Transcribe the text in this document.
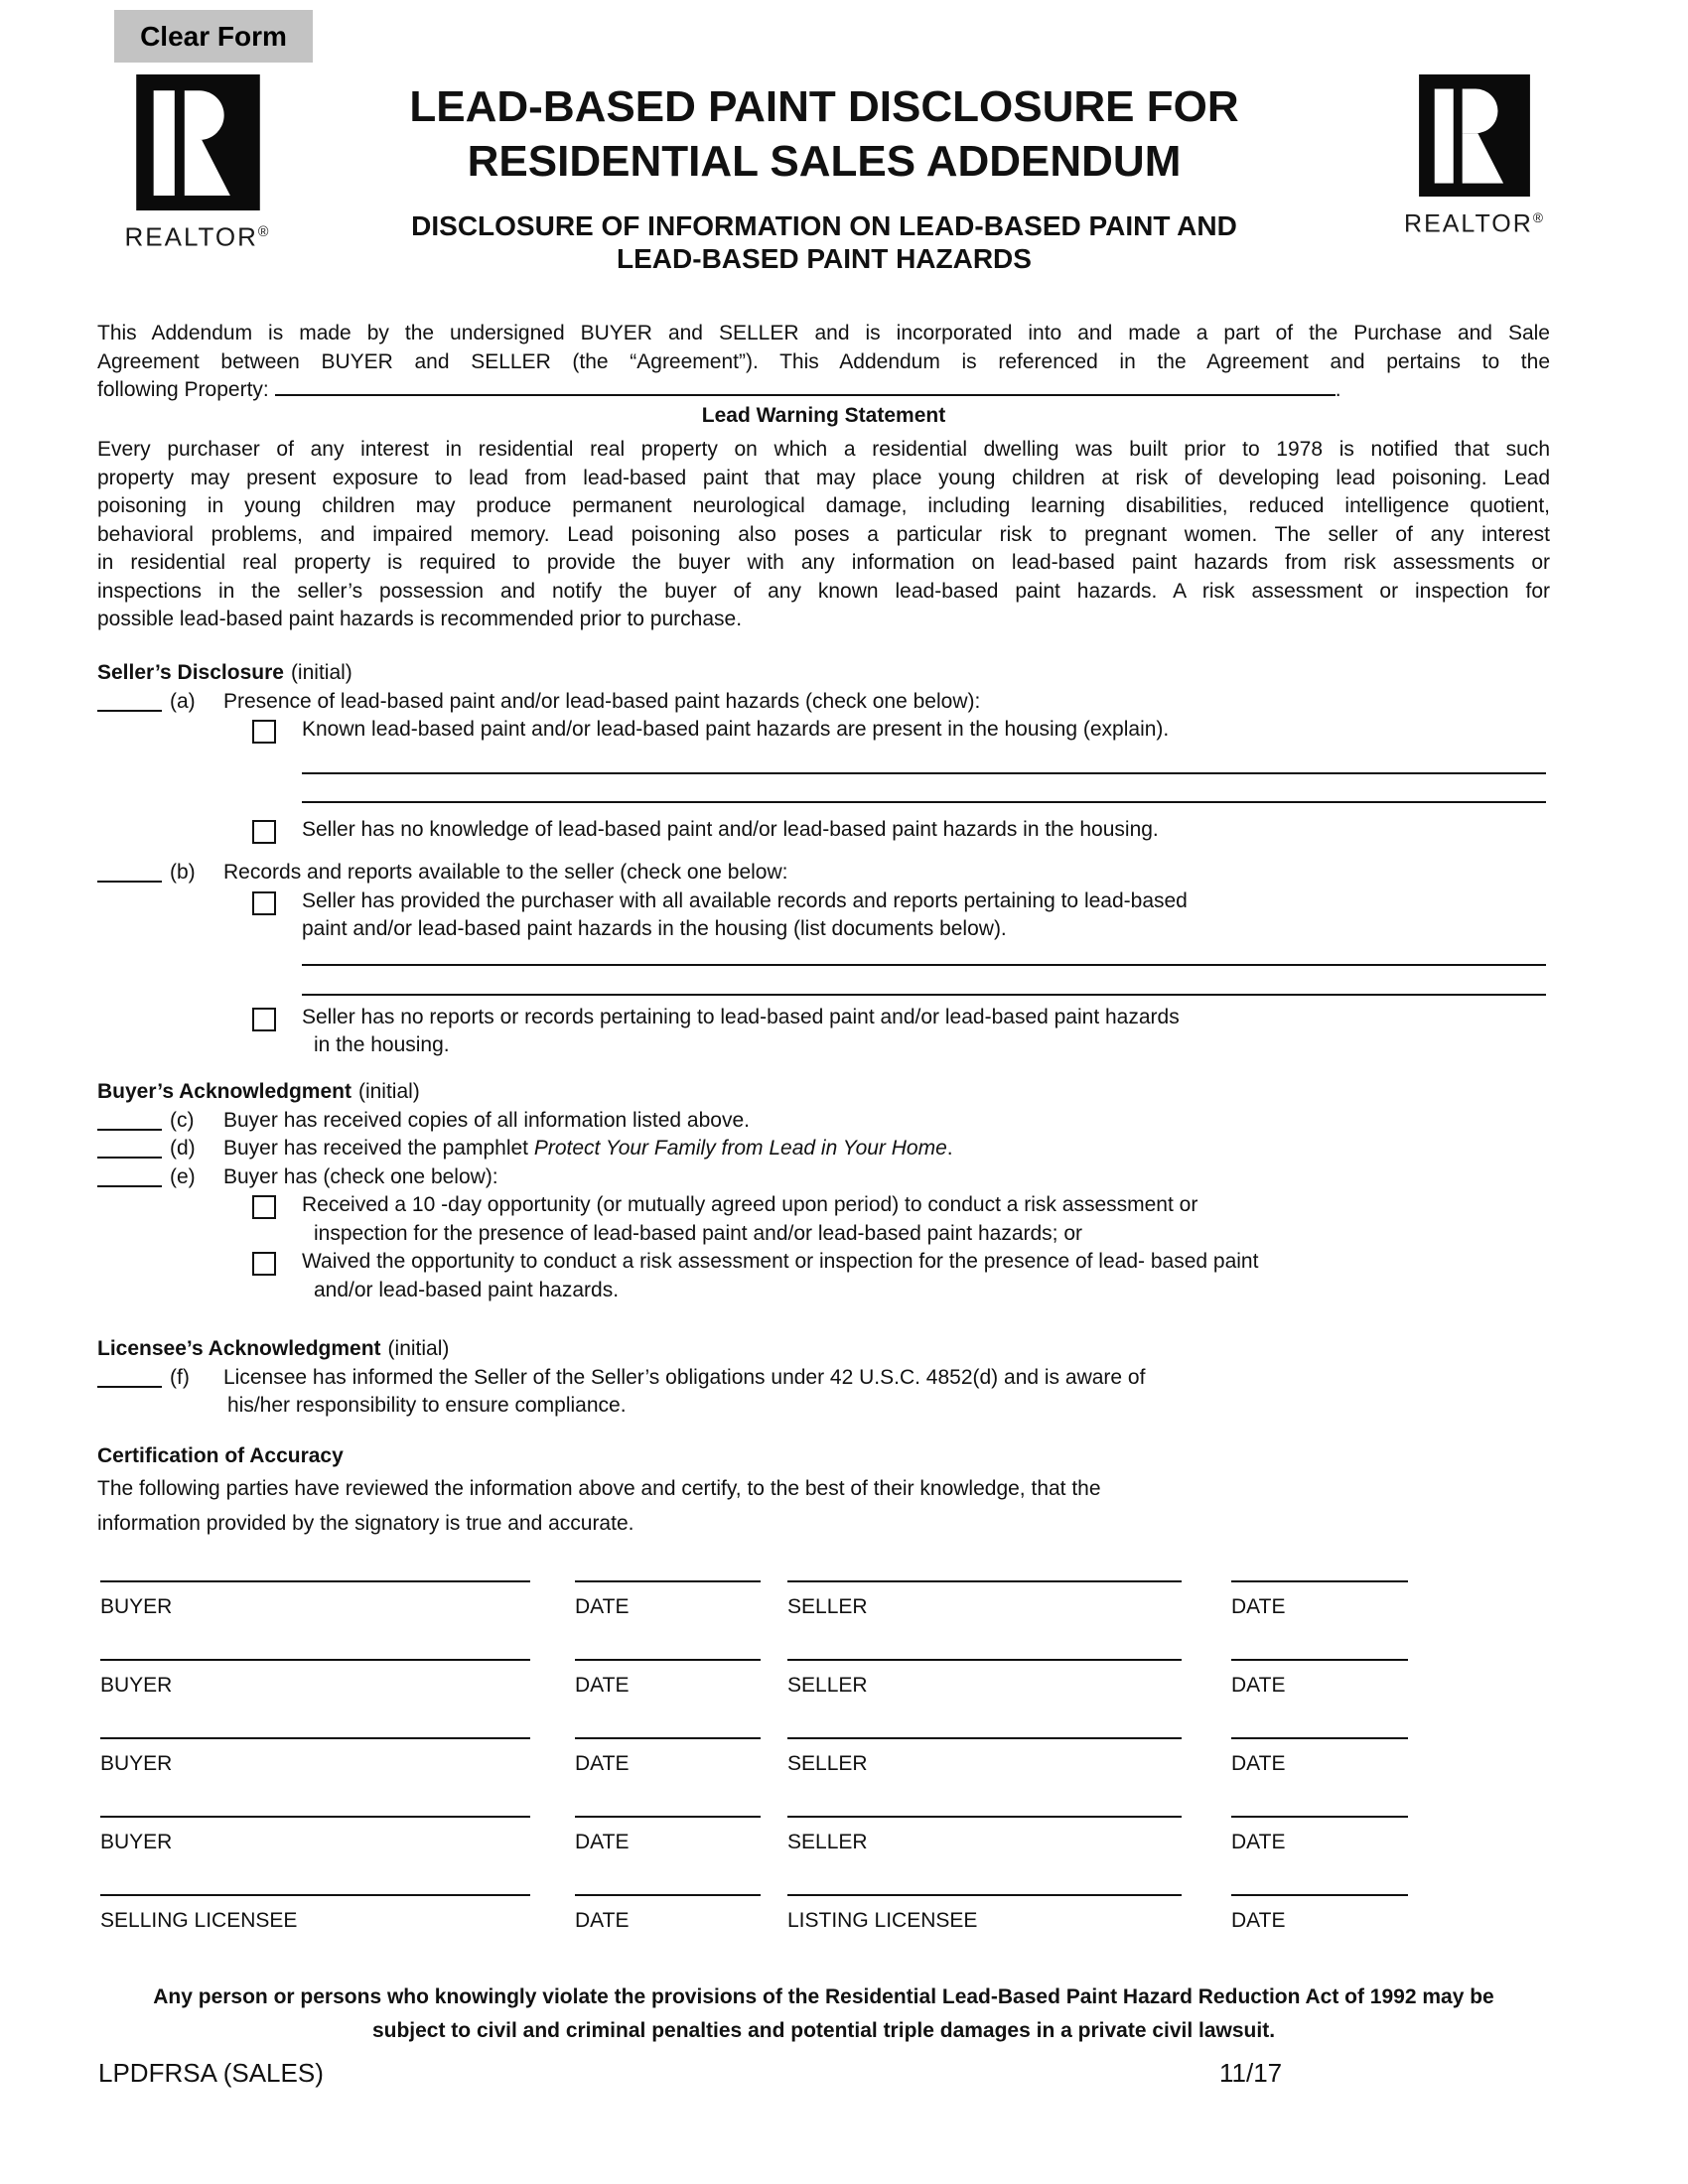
Clear Form
REALTOR®	REALTOR®
LEAD-BASED PAINT DISCLOSURE FOR
RESIDENTIAL SALES ADDENDUM
DISCLOSURE OF INFORMATION ON LEAD-BASED PAINT AND
LEAD-BASED PAINT HAZARDS
This Addendum is made by the undersigned BUYER and SELLER and is incorporated into and made a part of the Purchase and Sale
Agreement between BUYER and SELLER (the “Agreement”). This Addendum is referenced in the Agreement and pertains to the
following Property:	.
Lead Warning Statement
Every purchaser of any interest in residential real property on which a residential dwelling was built prior to 1978 is notified that such
property may present exposure to lead from lead-based paint that may place young children at risk of developing lead poisoning. Lead
poisoning in young children may produce permanent neurological damage, including learning disabilities, reduced intelligence quotient,
behavioral problems, and impaired memory. Lead poisoning also poses a particular risk to pregnant women. The seller of any interest
in residential real property is required to provide the buyer with any information on lead-based paint hazards from risk assessments or
inspections in the seller’s possession and notify the buyer of any known lead-based paint hazards. A risk assessment or inspection for
possible lead-based paint hazards is recommended prior to purchase.
Seller’s Disclosure (initial)
(a) Presence of lead-based paint and/or lead-based paint hazards (check one below):
Known lead-based paint and/or lead-based paint hazards are present in the housing (explain).
Seller has no knowledge of lead-based paint and/or lead-based paint hazards in the housing.
(b) Records and reports available to the seller (check one below:
Seller has provided the purchaser with all available records and reports pertaining to lead-based
paint and/or lead-based paint hazards in the housing (list documents below).
Seller has no reports or records pertaining to lead-based paint and/or lead-based paint hazards
in the housing.
Buyer’s Acknowledgment (initial)
(c) Buyer has received copies of all information listed above.
(d) Buyer has received the pamphlet Protect Your Family from Lead in Your Home.
(e) Buyer has (check one below):
Received a 10 -day opportunity (or mutually agreed upon period) to conduct a risk assessment or
inspection for the presence of lead-based paint and/or lead-based paint hazards; or
Waived the opportunity to conduct a risk assessment or inspection for the presence of lead- based paint
and/or lead-based paint hazards.
Licensee’s Acknowledgment (initial)
(f) Licensee has informed the Seller of the Seller’s obligations under 42 U.S.C. 4852(d) and is aware of
his/her responsibility to ensure compliance.
Certification of Accuracy
The following parties have reviewed the information above and certify, to the best of their knowledge, that the
information provided by the signatory is true and accurate.
BUYER	DATE	SELLER	DATE
BUYER	DATE	SELLER	DATE
BUYER	DATE	SELLER	DATE
BUYER	DATE	SELLER	DATE
SELLING LICENSEE	DATE	LISTING LICENSEE	DATE
Any person or persons who knowingly violate the provisions of the Residential Lead-Based Paint Hazard Reduction Act of 1992 may be
subject to civil and criminal penalties and potential triple damages in a private civil lawsuit.
LPDFRSA (SALES)	11/17
